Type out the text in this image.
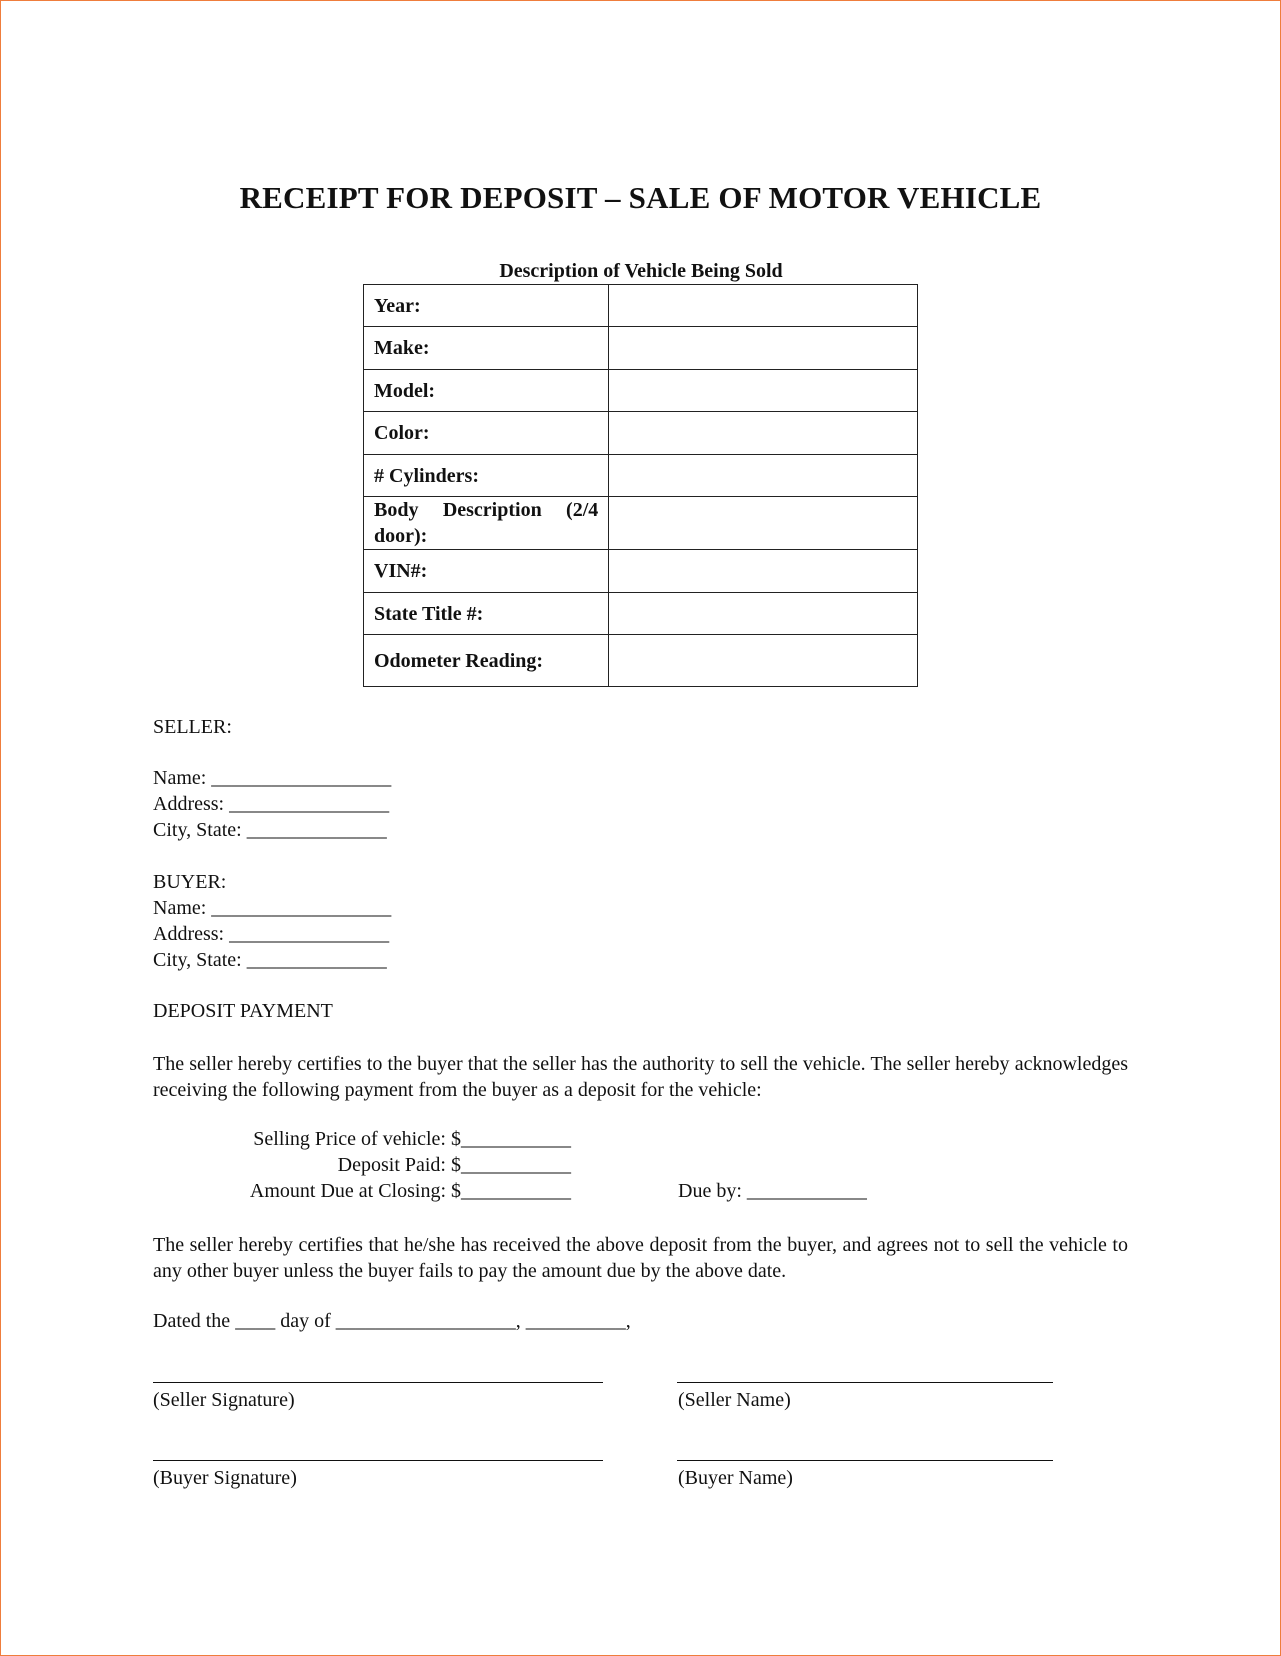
RECEIPT FOR DEPOSIT – SALE OF MOTOR VEHICLE
Description of Vehicle Being Sold
Year:	
Make:	
Model:	
Color:	
# Cylinders:	
Body Description (2/4 door):	
VIN#:	
State Title #:	
Odometer Reading:	
SELLER:
Name: __________________
Address: ________________
City, State: ______________
BUYER:
Name: __________________
Address: ________________
City, State: ______________
DEPOSIT PAYMENT
The seller hereby certifies to the buyer that the seller has the authority to sell the vehicle. The seller hereby acknowledges receiving the following payment from the buyer as a deposit for the vehicle:
Selling Price of vehicle: $___________
Deposit Paid: $___________
Amount Due at Closing: $___________	Due by: ____________
The seller hereby certifies that he/she has received the above deposit from the buyer, and agrees not to sell the vehicle to any other buyer unless the buyer fails to pay the amount due by the above date.
Dated the ____ day of __________________, __________,
(Seller Signature)	(Seller Name)
(Buyer Signature)	(Buyer Name)
